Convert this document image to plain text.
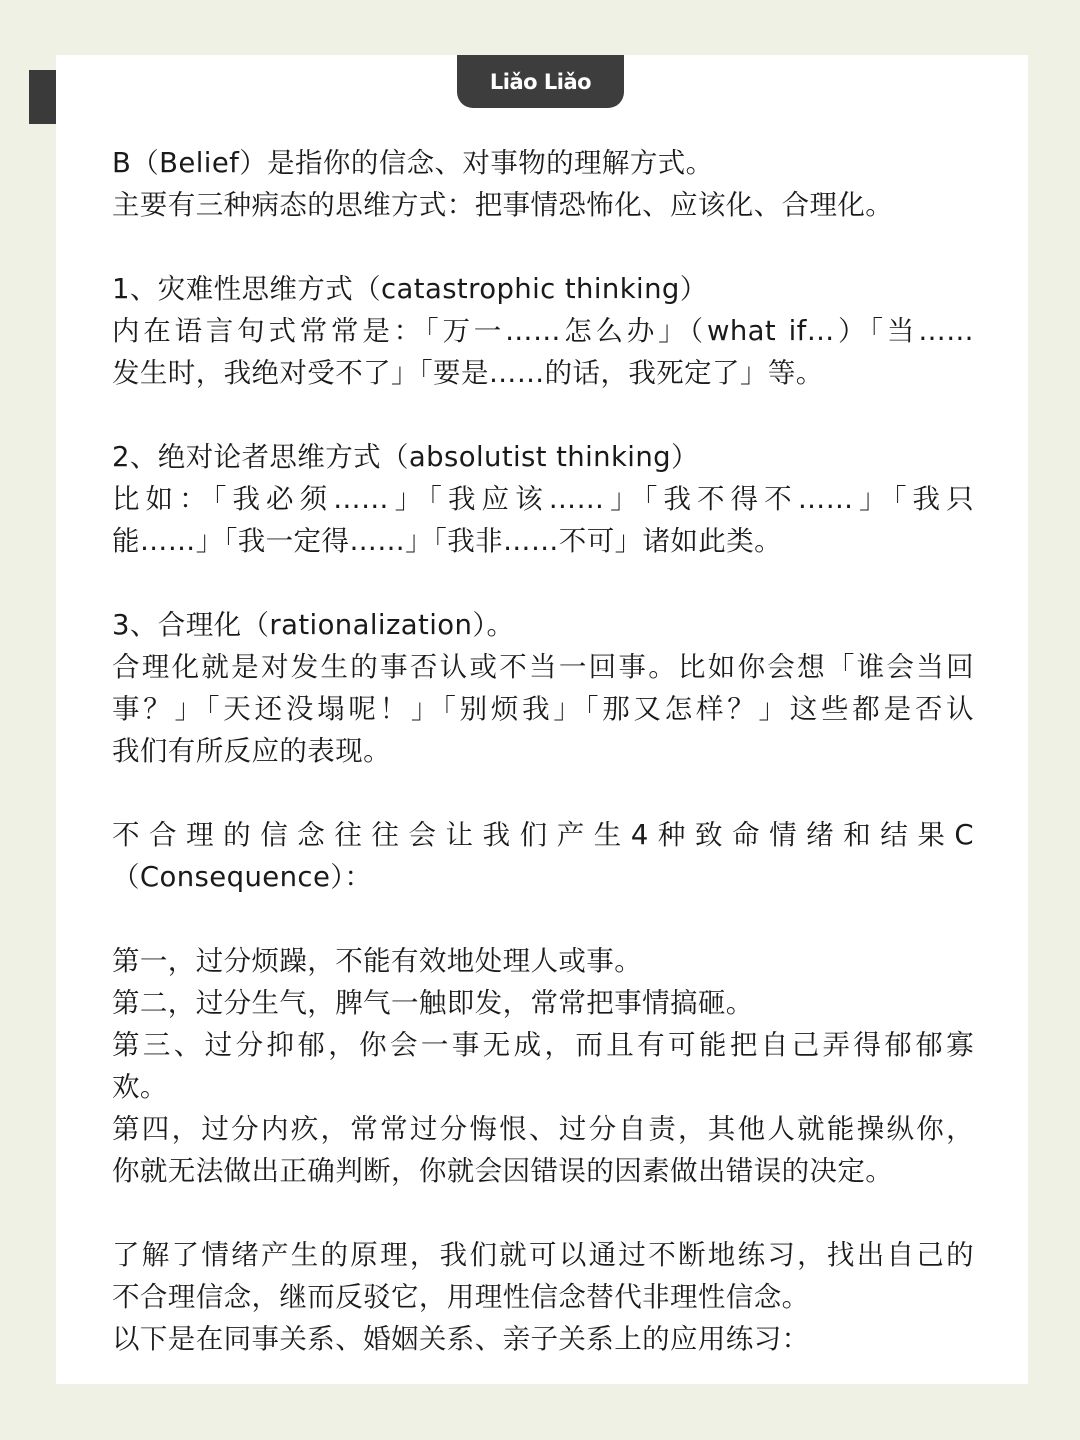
Liǎo Liǎo
B（Belief）是指你的信念、对事物的理解方式。
主要有三种病态的思维方式：把事情恐怖化、应该化、合理化。
1、灾难性思维方式（catastrophic thinking）
内在语言句式常常是：「万一……怎么办」（what if…）「当……
发生时，我绝对受不了」「要是……的话，我死定了」等。
2、绝对论者思维方式（absolutist thinking）
比如：「我必须……」「我应该……」「我不得不……」「我只
能……」「我一定得……」「我非……不可」诸如此类。
3、合理化（rationalization）。
合理化就是对发生的事否认或不当一回事。比如你会想「谁会当回
事？」「天还没塌呢！」「别烦我」「那又怎样？」这些都是否认
我们有所反应的表现。
不合理的信念往往会让我们产生4种致命情绪和结果C
（Consequence）：
第一，过分烦躁，不能有效地处理人或事。
第二，过分生气，脾气一触即发，常常把事情搞砸。
第三、过分抑郁，你会一事无成，而且有可能把自己弄得郁郁寡
欢。
第四，过分内疚，常常过分悔恨、过分自责，其他人就能操纵你，
你就无法做出正确判断，你就会因错误的因素做出错误的决定。
了解了情绪产生的原理，我们就可以通过不断地练习，找出自己的
不合理信念，继而反驳它，用理性信念替代非理性信念。
以下是在同事关系、婚姻关系、亲子关系上的应用练习：
